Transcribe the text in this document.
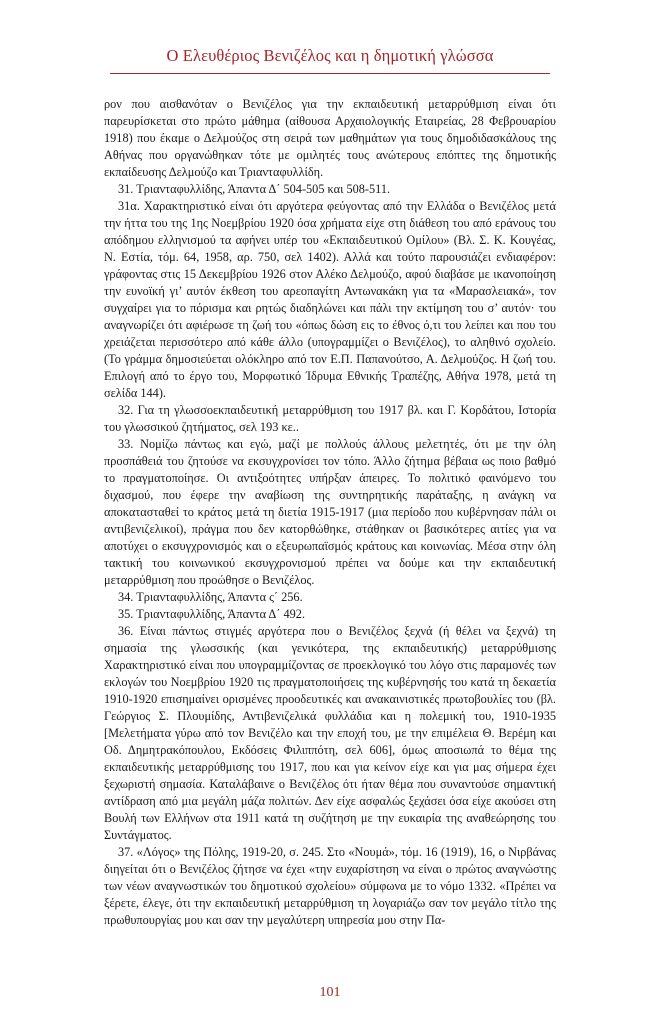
Ο Ελευθέριος Βενιζέλος και η δημοτική γλώσσα

ρον που αισθανόταν ο Βενιζέλος για την εκπαιδευτική μεταρρύθμιση είναι ότι παρευρίσκεται στο πρώτο μάθημα (αίθουσα Αρχαιολογικής Εταιρείας, 28 Φεβρουαρίου 1918) που έκαμε ο Δελμούζος στη σειρά των μαθημάτων για τους δημοδιδασκάλους της Αθήνας που οργανώθηκαν τότε με ομιλητές τους ανώτερους επόπτες της δημοτικής εκπαίδευσης Δελμούζο και Τριανταφυλλίδη.

31. Τριανταφυλλίδης, Άπαντα Δ΄ 504-505 και 508-511.

31α. Χαρακτηριστικό είναι ότι αργότερα φεύγοντας από την Ελλάδα ο Βενιζέλος μετά την ήττα του της 1ης Νοεμβρίου 1920 όσα χρήματα είχε στη διάθεση του από εράνους του απόδημου ελληνισμού τα αφήνει υπέρ του «Εκπαιδευτικού Ομίλου» (Βλ. Σ. Κ. Κουγέας, Ν. Εστία, τόμ. 64, 1958, αρ. 750, σελ 1402). Αλλά και τούτο παρουσιάζει ενδιαφέρον: γράφοντας στις 15 Δεκεμβρίου 1926 στον Αλέκο Δελμούζο, αφού διαβάσε με ικανοποίηση την ευνοϊκή γι’ αυτόν έκθεση του αρεοπαγίτη Αντωνακάκη για τα «Μαρασλειακά», τον συγχαίρει για το πόρισμα και ρητώς διαδηλώνει και πάλι την εκτίμηση του σ’ αυτόν· του αναγνωρίζει ότι αφιέρωσε τη ζωή του «όπως δώση εις το έθνος ό,τι του λείπει και που του χρειάζεται περισσότερο από κάθε άλλο (υπογραμμίζει ο Βενιζέλος), το αληθινό σχολείο. (Το γράμμα δημοσιεύεται ολόκληρο από τον Ε.Π. Παπανούτσο, Α. Δελμούζος. Η ζωή του. Επιλογή από το έργο του, Μορφωτικό Ίδρυμα Εθνικής Τραπέζης, Αθήνα 1978, μετά τη σελίδα 144).

32. Για τη γλωσσοεκπαιδευτική μεταρρύθμιση του 1917 βλ. και Γ. Κορδάτου, Ιστορία του γλωσσικού ζητήματος, σελ 193 κε..

33. Νομίζω πάντως και εγώ, μαζί με πολλούς άλλους μελετητές, ότι με την όλη προσπάθειά του ζητούσε να εκσυγχρονίσει τον τόπο. Άλλο ζήτημα βέβαια ως ποιο βαθμό το πραγματοποίησε. Οι αντιξοότητες υπήρξαν άπειρες. Το πολιτικό φαινόμενο του διχασμού, που έφερε την αναβίωση της συντηρητικής παράταξης, η ανάγκη να αποκατασταθεί το κράτος μετά τη διετία 1915-1917 (μια περίοδο που κυβέρνησαν πάλι οι αντιβενιζελικοί), πράγμα που δεν κατορθώθηκε, στάθηκαν οι βασικότερες αιτίες για να απoτύχει ο εκσυγχρονισμός και ο εξευρωπαϊσμός κράτους και κοινωνίας. Μέσα στην όλη τακτική του κοινωνικού εκσυγχρονισμού πρέπει να δούμε και την εκπαιδευτική μεταρρύθμιση που προώθησε ο Βενιζέλος.

34. Τριανταφυλλίδης, Άπαντα ς΄ 256.

35. Τριανταφυλλίδης, Άπαντα Δ΄ 492.

36. Είναι πάντως στιγμές αργότερα που ο Βενιζέλος ξεχνά (ή θέλει να ξεχνά) τη σημασία της γλωσσικής (και γενικότερα, της εκπαιδευτικής) μεταρρύθμισης Χαρακτηριστικό είναι που υπογραμμίζοντας σε προεκλογικό του λόγο στις παραμονές των εκλογών του Νοεμβρίου 1920 τις πραγματοποιήσεις της κυβέρνησής του κατά τη δεκαετία 1910-1920 επισημαίνει ορισμένες προοδευτικές και ανακαινιστικές πρωτοβουλίες του (βλ. Γεώργιος Σ. Πλουμίδης, Αντιβενιζελικά φυλλάδια και η πολεμική του, 1910-1935 [Μελετήματα γύρω από τον Βενιζέλο και την εποχή του, με την επιμέλεια Θ. Βερέμη και Οδ. Δημητρακόπουλου, Εκδόσεις Φιλιππότη, σελ 606], όμως αποσιωπά το θέμα της εκπαιδευτικής μεταρρύθμισης του 1917, που και για κείνον είχε και για μας σήμερα έχει ξεχωριστή σημασία. Καταλάβαινε ο Βενιζέλος ότι ήταν θέμα που συναντούσε σημαντική αντίδραση από μια μεγάλη μάζα πολιτών. Δεν είχε ασφαλώς ξεχάσει όσα είχε ακούσει στη Βουλή των Ελλήνων στα 1911 κατά τη συζήτηση με την ευκαιρία της αναθεώρησης του Συντάγματος.

37. «Λόγος» της Πόλης, 1919-20, σ. 245. Στο «Νουμά», τόμ. 16 (1919), 16, ο Νιρβάνας διηγείται ότι ο Βενιζέλος ζήτησε να έχει «την ευχαρίστηση να είναι ο πρώτος αναγνώστης των νέων αναγνωστικών του δημοτικού σχολείου» σύμφωνα με το νόμο 1332. «Πρέπει να ξέρετε, έλεγε, ότι την εκπαιδευτική μεταρρύθμιση τη λογαριάζω σαν τον μεγάλο τίτλο της πρωθυπουργίας μου και σαν την μεγαλύτερη υπηρεσία μου στην Πα-

101
